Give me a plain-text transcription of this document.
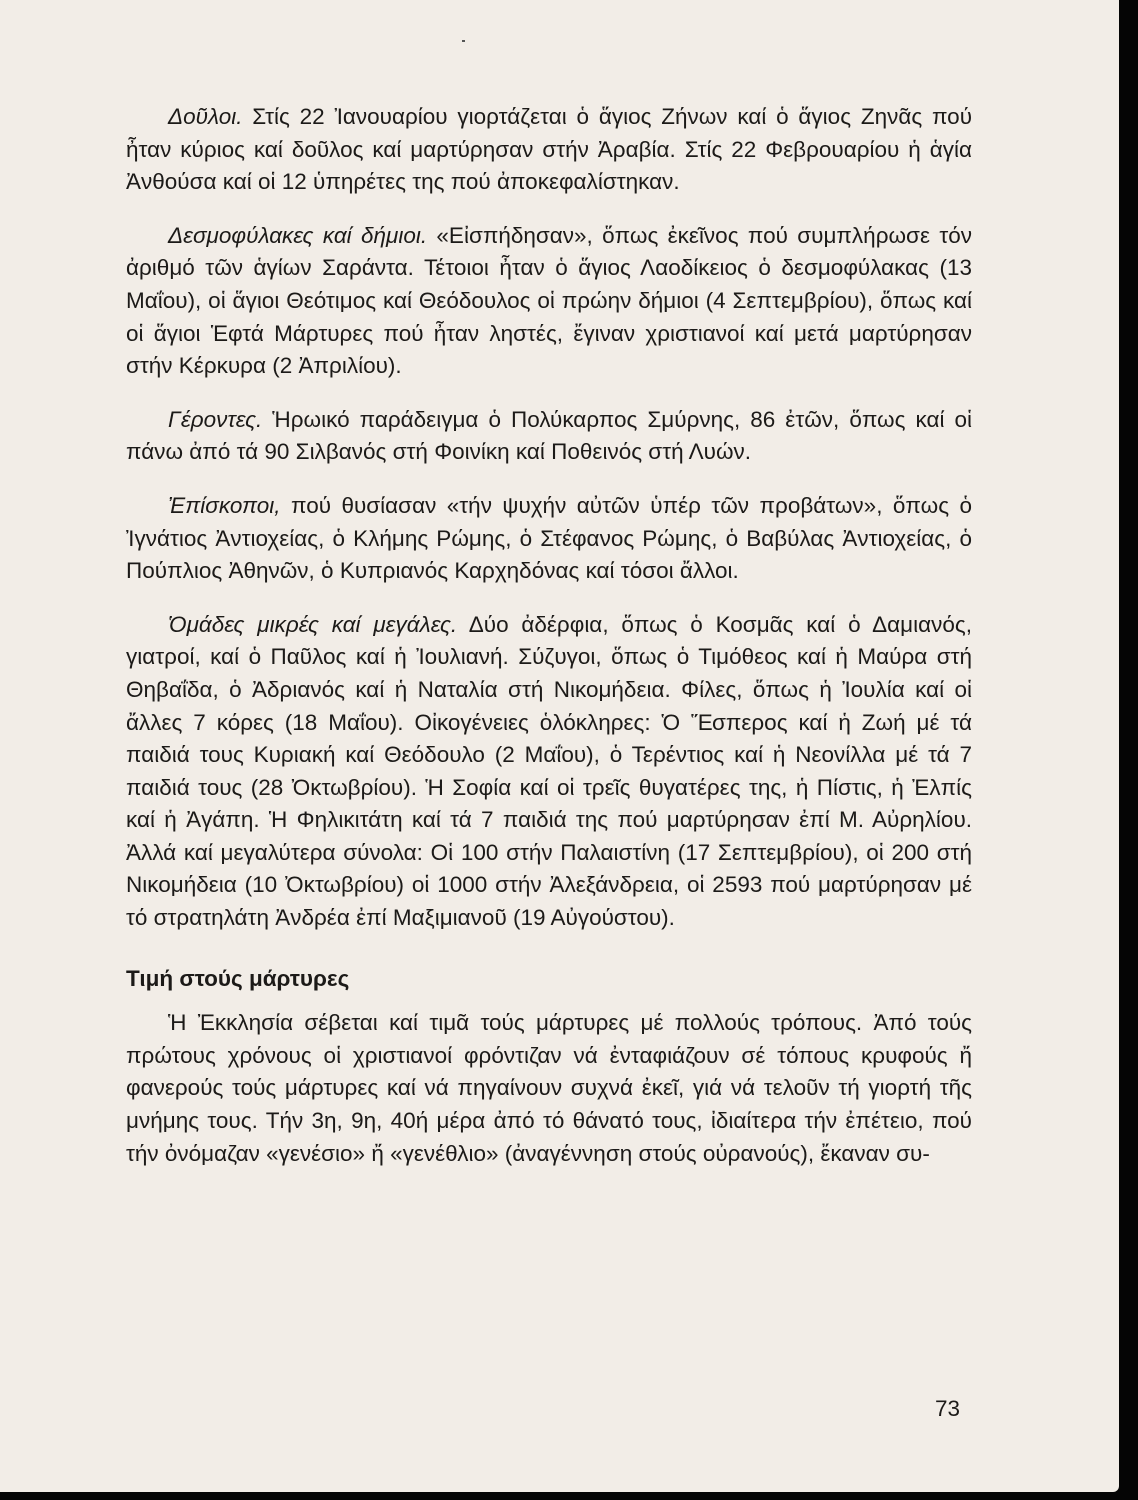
Δοῦλοι. Στίς 22 Ἰανουαρίου γιορτάζεται ὁ ἅγιος Ζήνων καί ὁ ἅγιος Ζηνᾶς πού ἦταν κύριος καί δοῦλος καί μαρτύρησαν στήν Ἀραβία. Στίς 22 Φεβρουαρίου ἡ ἁγία Ἀνθούσα καί οἱ 12 ὑπηρέτες της πού ἀποκεφαλίστηκαν.

Δεσμοφύλακες καί δήμιοι. «Εἰσπήδησαν», ὅπως ἐκεῖνος πού συμπλήρωσε τόν ἀριθμό τῶν ἁγίων Σαράντα. Τέτοιοι ἦταν ὁ ἅγιος Λαοδίκειος ὁ δεσμοφύλακας (13 Μαΐου), οἱ ἅγιοι Θεότιμος καί Θεόδουλος οἱ πρώην δήμιοι (4 Σεπτεμβρίου), ὅπως καί οἱ ἅγιοι Ἑφτά Μάρτυρες πού ἦταν ληστές, ἔγιναν χριστιανοί καί μετά μαρτύρησαν στήν Κέρκυρα (2 Ἀπριλίου).

Γέροντες. Ἡρωικό παράδειγμα ὁ Πολύκαρπος Σμύρνης, 86 ἐτῶν, ὅπως καί οἱ πάνω ἀπό τά 90 Σιλβανός στή Φοινίκη καί Ποθεινός στή Λυών.

Ἐπίσκοποι, πού θυσίασαν «τήν ψυχήν αὐτῶν ὑπέρ τῶν προβάτων», ὅπως ὁ Ἰγνάτιος Ἀντιοχείας, ὁ Κλήμης Ρώμης, ὁ Στέφανος Ρώμης, ὁ Βαβύλας Ἀντιοχείας, ὁ Πούπλιος Ἀθηνῶν, ὁ Κυπριανός Καρχηδόνας καί τόσοι ἄλλοι.

Ὁμάδες μικρές καί μεγάλες. Δύο ἀδέρφια, ὅπως ὁ Κοσμᾶς καί ὁ Δαμιανός, γιατροί, καί ὁ Παῦλος καί ἡ Ἰουλιανή. Σύζυγοι, ὅπως ὁ Τιμόθεος καί ἡ Μαύρα στή Θηβαΐδα, ὁ Ἀδριανός καί ἡ Ναταλία στή Νικομήδεια. Φίλες, ὅπως ἡ Ἰουλία καί οἱ ἄλλες 7 κόρες (18 Μαΐου). Οἰκογένειες ὁλόκληρες: Ὁ Ἕσπερος καί ἡ Ζωή μέ τά παιδιά τους Κυριακή καί Θεόδουλο (2 Μαΐου), ὁ Τερέντιος καί ἡ Νεονίλλα μέ τά 7 παιδιά τους (28 Ὀκτωβρίου). Ἡ Σοφία καί οἱ τρεῖς θυγατέρες της, ἡ Πίστις, ἡ Ἐλπίς καί ἡ Ἀγάπη. Ἡ Φηλικιτάτη καί τά 7 παιδιά της πού μαρτύρησαν ἐπί Μ. Αὐρηλίου. Ἀλλά καί μεγαλύτερα σύνολα: Οἱ 100 στήν Παλαιστίνη (17 Σεπτεμβρίου), οἱ 200 στή Νικομήδεια (10 Ὀκτωβρίου) οἱ 1000 στήν Ἀλεξάνδρεια, οἱ 2593 πού μαρτύρησαν μέ τό στρατηλάτη Ἀνδρέα ἐπί Μαξιμιανοῦ (19 Αὐγούστου).

Τιμή στούς μάρτυρες

Ἡ Ἐκκλησία σέβεται καί τιμᾶ τούς μάρτυρες μέ πολλούς τρόπους. Ἀπό τούς πρώτους χρόνους οἱ χριστιανοί φρόντιζαν νά ἐνταφιάζουν σέ τόπους κρυφούς ἤ φανερούς τούς μάρτυρες καί νά πηγαίνουν συχνά ἐκεῖ, γιά νά τελοῦν τή γιορτή τῆς μνήμης τους. Τήν 3η, 9η, 40ή μέρα ἀπό τό θάνατό τους, ἰδιαίτερα τήν ἐπέτειο, πού τήν ὀνόμαζαν «γενέσιο» ἤ «γενέθλιο» (ἀναγέννηση στούς οὐρανούς), ἔκαναν συ-

73
